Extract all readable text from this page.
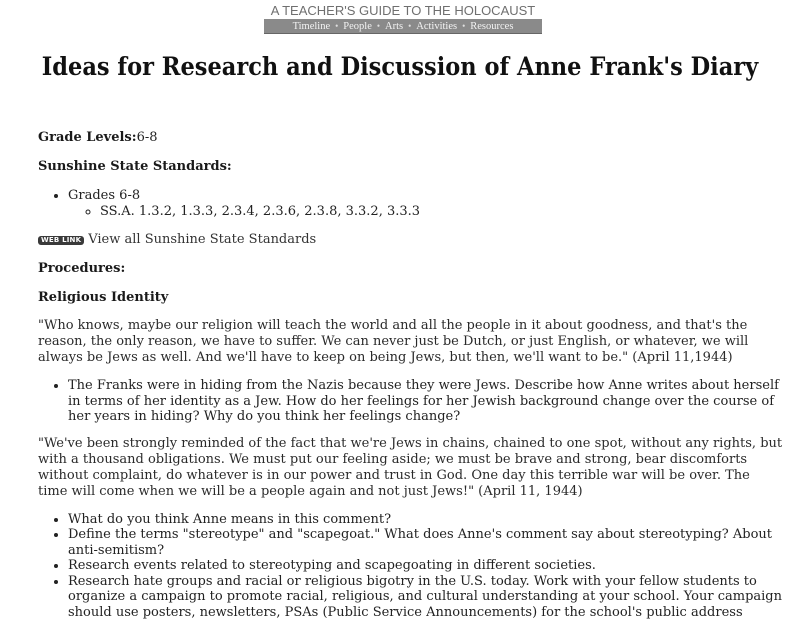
A TEACHER'S GUIDE TO THE HOLOCAUST
Timeline • People • Arts • Activities • Resources
Ideas for Research and Discussion of Anne Frank's Diary

Grade Levels:6-8

Sunshine State Standards:

• Grades 6-8
◦ SS.A. 1.3.2, 1.3.3, 2.3.4, 2.3.6, 2.3.8, 3.3.2, 3.3.3

WEB LINK View all Sunshine State Standards

Procedures:

Religious Identity

"Who knows, maybe our religion will teach the world and all the people in it about goodness, and that's the reason, the only reason, we have to suffer. We can never just be Dutch, or just English, or whatever, we will always be Jews as well. And we'll have to keep on being Jews, but then, we'll want to be." (April 11,1944)

• The Franks were in hiding from the Nazis because they were Jews. Describe how Anne writes about herself in terms of her identity as a Jew. How do her feelings for her Jewish background change over the course of her years in hiding? Why do you think her feelings change?

"We've been strongly reminded of the fact that we're Jews in chains, chained to one spot, without any rights, but with a thousand obligations. We must put our feeling aside; we must be brave and strong, bear discomforts without complaint, do whatever is in our power and trust in God. One day this terrible war will be over. The time will come when we will be a people again and not just Jews!" (April 11, 1944)

• What do you think Anne means in this comment?
• Define the terms "stereotype" and "scapegoat." What does Anne's comment say about stereotyping? About anti-semitism?
• Research events related to stereotyping and scapegoating in different societies.
• Research hate groups and racial or religious bigotry in the U.S. today. Work with your fellow students to organize a campaign to promote racial, religious, and cultural understanding at your school. Your campaign should use posters, newsletters, PSAs (Public Service Announcements) for the school's public address
